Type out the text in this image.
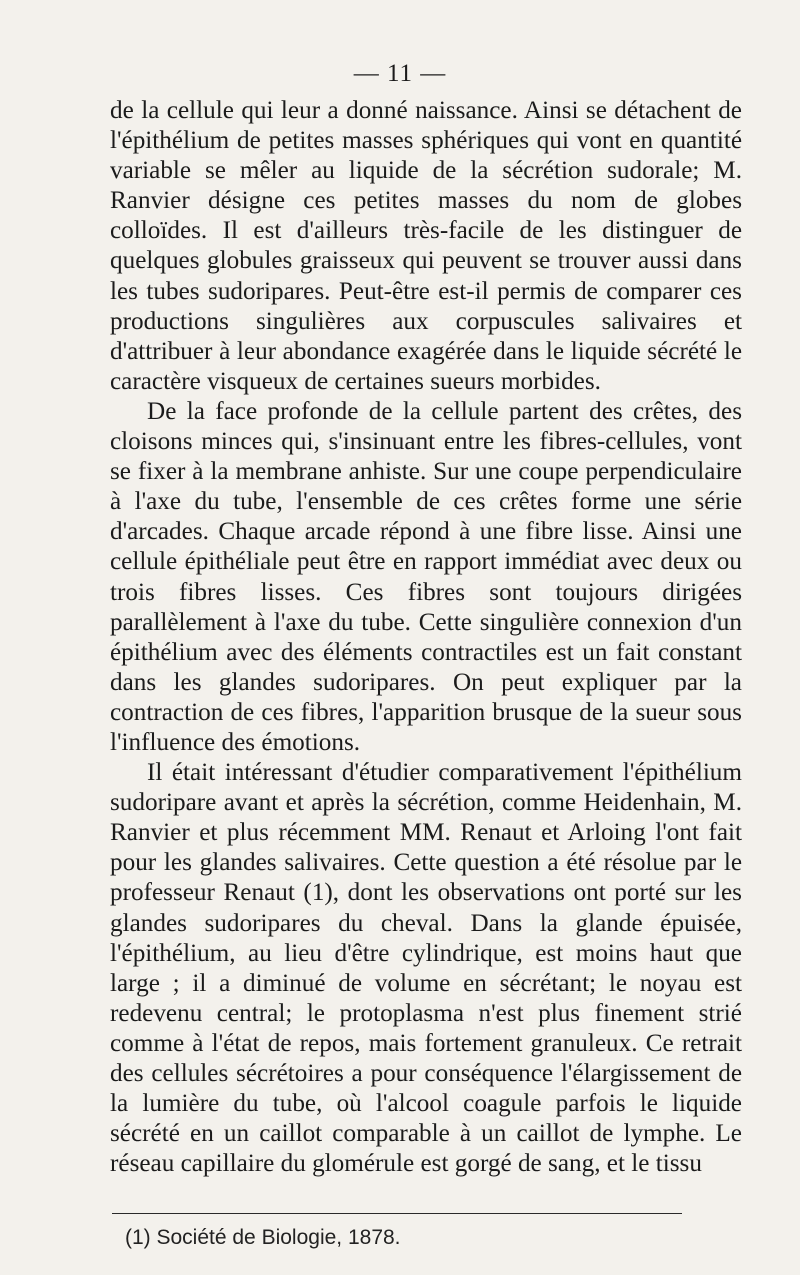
— 11 —

de la cellule qui leur a donné naissance. Ainsi se détachent de l'épithélium de petites masses sphériques qui vont en quantité variable se mêler au liquide de la sécrétion sudorale; M. Ranvier désigne ces petites masses du nom de globes colloïdes. Il est d'ailleurs très-facile de les distinguer de quelques globules graisseux qui peuvent se trouver aussi dans les tubes sudoripares. Peut-être est-il permis de comparer ces productions singulières aux corpuscules salivaires et d'attribuer à leur abondance exagérée dans le liquide sécrété le caractère visqueux de certaines sueurs morbides.

De la face profonde de la cellule partent des crêtes, des cloisons minces qui, s'insinuant entre les fibres-cellules, vont se fixer à la membrane anhiste. Sur une coupe perpendiculaire à l'axe du tube, l'ensemble de ces crêtes forme une série d'arcades. Chaque arcade répond à une fibre lisse. Ainsi une cellule épithéliale peut être en rapport immédiat avec deux ou trois fibres lisses. Ces fibres sont toujours dirigées parallèlement à l'axe du tube. Cette singulière connexion d'un épithélium avec des éléments contractiles est un fait constant dans les glandes sudoripares. On peut expliquer par la contraction de ces fibres, l'apparition brusque de la sueur sous l'influence des émotions.

Il était intéressant d'étudier comparativement l'épithélium sudoripare avant et après la sécrétion, comme Heidenhain, M. Ranvier et plus récemment MM. Renaut et Arloing l'ont fait pour les glandes salivaires. Cette question a été résolue par le professeur Renaut (1), dont les observations ont porté sur les glandes sudoripares du cheval. Dans la glande épuisée, l'épithélium, au lieu d'être cylindrique, est moins haut que large ; il a diminué de volume en sécrétant; le noyau est redevenu central; le protoplasma n'est plus finement strié comme à l'état de repos, mais fortement granuleux. Ce retrait des cellules sécrétoires a pour conséquence l'élargissement de la lumière du tube, où l'alcool coagule parfois le liquide sécrété en un caillot comparable à un caillot de lymphe. Le réseau capillaire du glomérule est gorgé de sang, et le tissu

(1) Société de Biologie, 1878.
